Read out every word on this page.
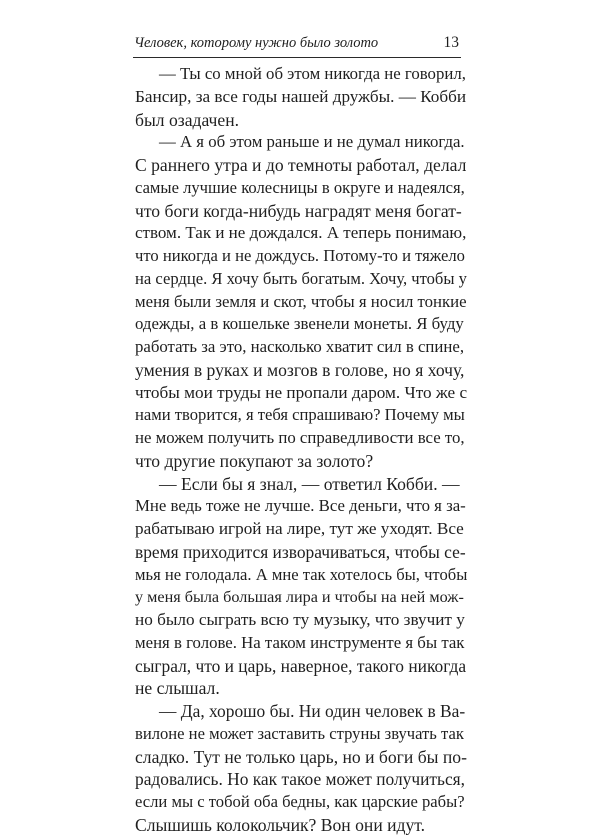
Человек, которому нужно было золото	13
— Ты со мной об этом никогда не говорил,
Бансир, за все годы нашей дружбы. — Кобби
был озадачен.
— А я об этом раньше и не думал никогда.
С раннего утра и до темноты работал, делал
самые лучшие колесницы в округе и надеялся,
что боги когда-нибудь наградят меня богат-
ством. Так и не дождался. А теперь понимаю,
что никогда и не дождусь. Потому-то и тяжело
на сердце. Я хочу быть богатым. Хочу, чтобы у
меня были земля и скот, чтобы я носил тонкие
одежды, а в кошельке звенели монеты. Я буду
работать за это, насколько хватит сил в спине,
умения в руках и мозгов в голове, но я хочу,
чтобы мои труды не пропали даром. Что же с
нами творится, я тебя спрашиваю? Почему мы
не можем получить по справедливости все то,
что другие покупают за золото?
— Если бы я знал, — ответил Кобби. —
Мне ведь тоже не лучше. Все деньги, что я за-
рабатываю игрой на лире, тут же уходят. Все
время приходится изворачиваться, чтобы се-
мья не голодала. А мне так хотелось бы, чтобы
у меня была большая лира и чтобы на ней мож-
но было сыграть всю ту музыку, что звучит у
меня в голове. На таком инструменте я бы так
сыграл, что и царь, наверное, такого никогда
не слышал.
— Да, хорошо бы. Ни один человек в Ва-
вилоне не может заставить струны звучать так
сладко. Тут не только царь, но и боги бы по-
радовались. Но как такое может получиться,
если мы с тобой оба бедны, как царские рабы?
Слышишь колокольчик? Вон они идут.
